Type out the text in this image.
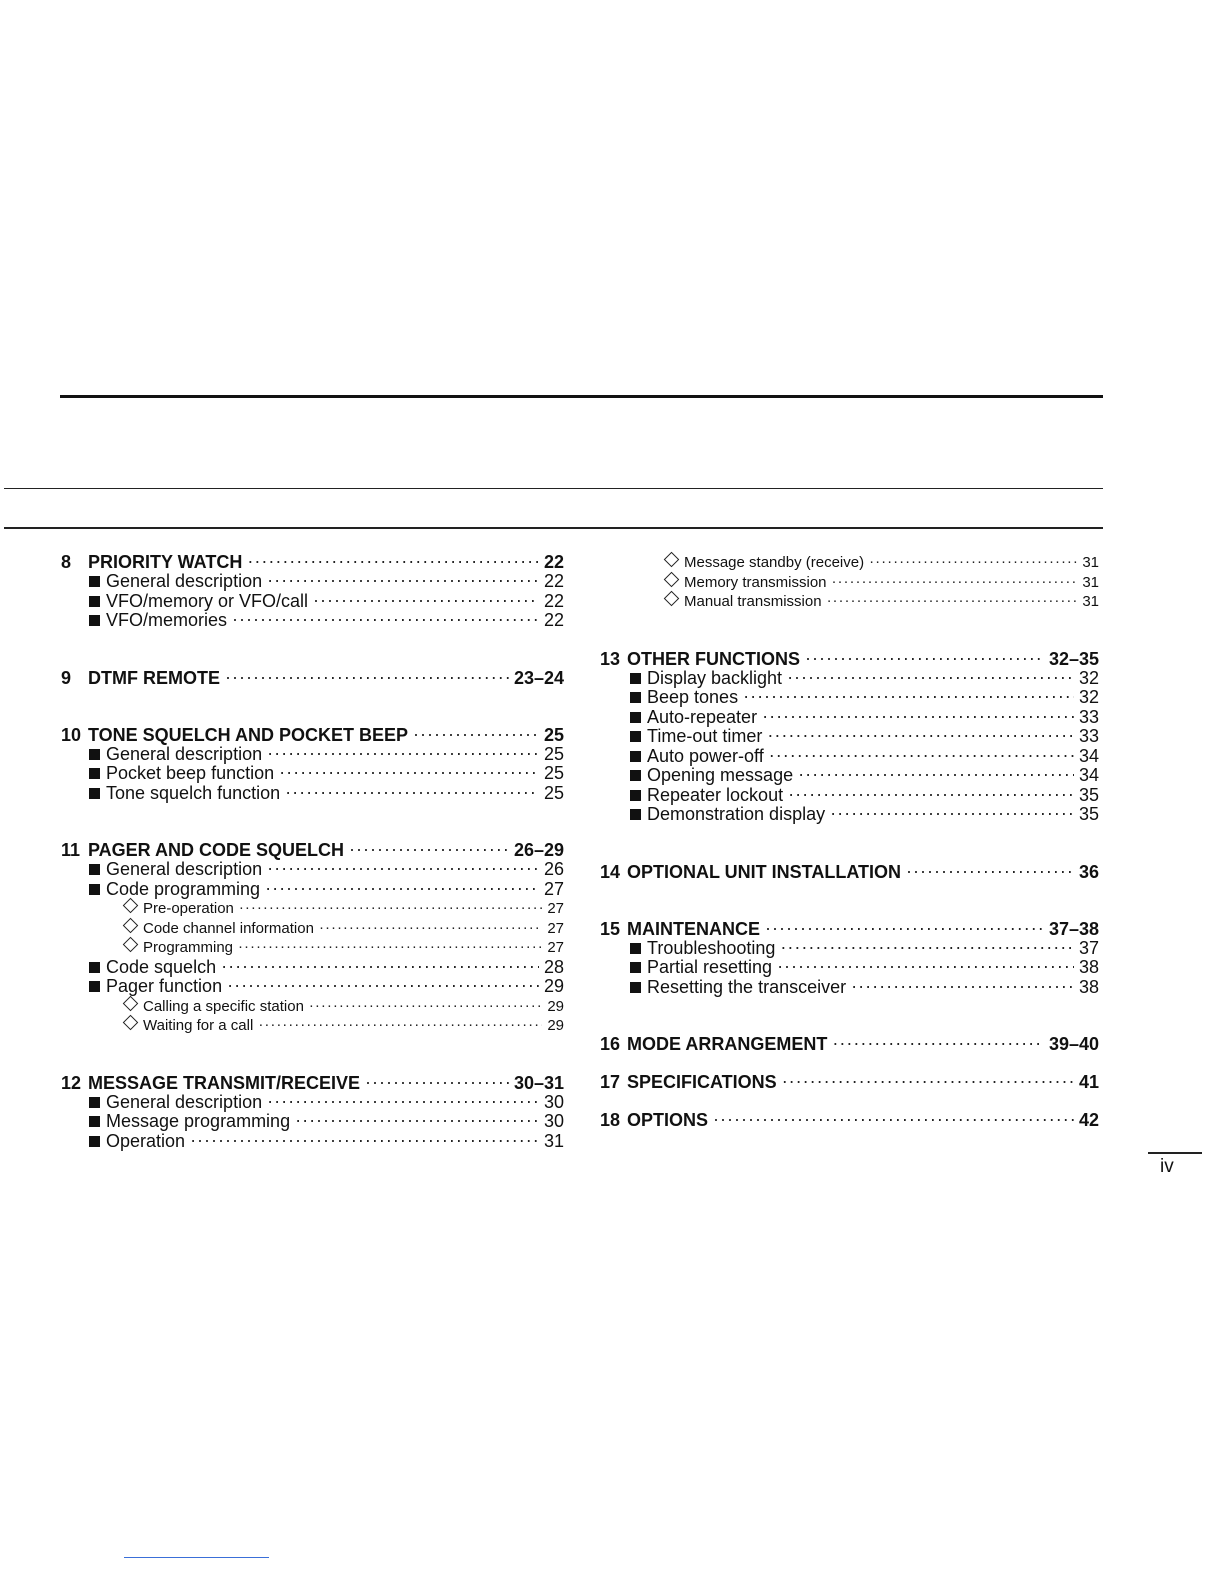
8 PRIORITY WATCH ·····	22
General description ·····	22
VFO/memory or VFO/call ·····	22
VFO/memories ·····	22
9 DTMF REMOTE ·····	23–24
10 TONE SQUELCH AND POCKET BEEP ·····	25
General description ·····	25
Pocket beep function ·····	25
Tone squelch function ·····	25
11 PAGER AND CODE SQUELCH ·····	26–29
General description ·····	26
Code programming ·····	27
Pre-operation ·····	27
Code channel information ·····	27
Programming ·····	27
Code squelch ·····	28
Pager function ·····	29
Calling a specific station ·····	29
Waiting for a call ·····	29
12 MESSAGE TRANSMIT/RECEIVE ·····	30–31
General description ·····	30
Message programming ·····	30
Operation ·····	31
Message standby (receive) ·····	31
Memory transmission ·····	31
Manual transmission ·····	31
13 OTHER FUNCTIONS ·····	32–35
Display backlight ·····	32
Beep tones ·····	32
Auto-repeater ·····	33
Time-out timer ·····	33
Auto power-off ·····	34
Opening message ·····	34
Repeater lockout ·····	35
Demonstration display ·····	35
14 OPTIONAL UNIT INSTALLATION ·····	36
15 MAINTENANCE ·····	37–38
Troubleshooting ·····	37
Partial resetting ·····	38
Resetting the transceiver ·····	38
16 MODE ARRANGEMENT ·····	39–40
17 SPECIFICATIONS ·····	41
18 OPTIONS ·····	42
iv
